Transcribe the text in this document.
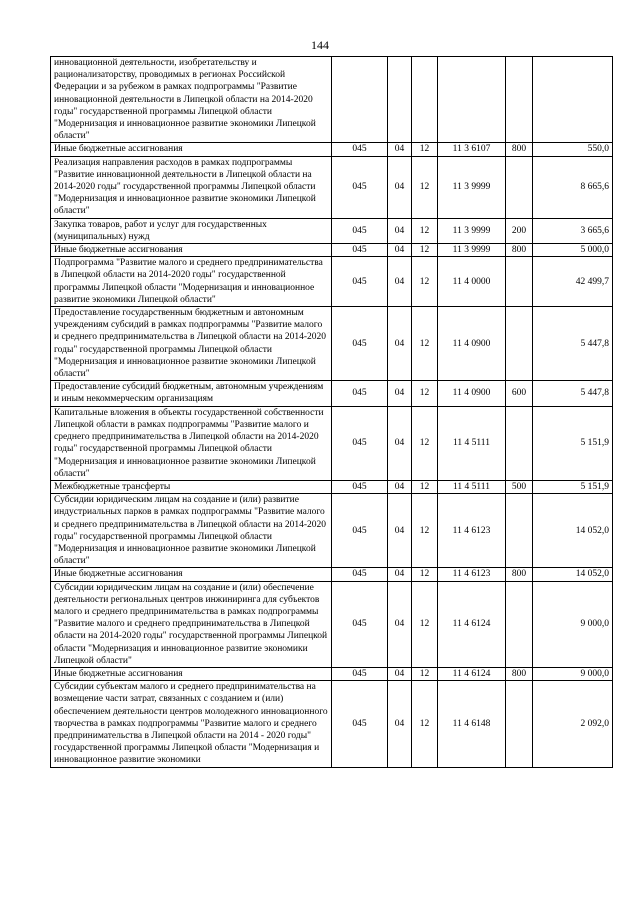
144
инновационной деятельности, изобретательству и рационализаторству, проводимых в регионах Российской Федерации и за рубежом в рамках подпрограммы "Развитие инновационной деятельности в Липецкой области на 2014-2020 годы" государственной программы Липецкой области "Модернизация и инновационное развитие экономики Липецкой области"						
Иные бюджетные ассигнования	045	04	12	11 3 6107	800	550,0
Реализация направления расходов в рамках подпрограммы "Развитие инновационной деятельности в Липецкой области на 2014-2020 годы" государственной программы Липецкой области "Модернизация и инновационное развитие экономики Липецкой области"	045	04	12	11 3 9999		8 665,6
Закупка товаров, работ и услуг для государственных (муниципальных) нужд	045	04	12	11 3 9999	200	3 665,6
Иные бюджетные ассигнования	045	04	12	11 3 9999	800	5 000,0
Подпрограмма "Развитие малого и среднего предпринимательства в Липецкой области на 2014-2020 годы" государственной программы Липецкой области "Модернизация и инновационное развитие экономики Липецкой области"	045	04	12	11 4 0000		42 499,7
Предоставление государственным бюджетным и автономным учреждениям субсидий в рамках подпрограммы "Развитие малого и среднего предпринимательства в Липецкой области на 2014-2020 годы" государственной программы Липецкой области "Модернизация и инновационное развитие экономики Липецкой области"	045	04	12	11 4 0900		5 447,8
Предоставление субсидий бюджетным, автономным учреждениям и иным некоммерческим организациям	045	04	12	11 4 0900	600	5 447,8
Капитальные вложения в объекты государственной собственности Липецкой области в рамках подпрограммы "Развитие малого и среднего предпринимательства в Липецкой области на 2014-2020 годы" государственной программы Липецкой области "Модернизация и инновационное развитие экономики Липецкой области"	045	04	12	11 4 5111		5 151,9
Межбюджетные трансферты	045	04	12	11 4 5111	500	5 151,9
Субсидии юридическим лицам на создание и (или) развитие индустриальных парков в рамках подпрограммы "Развитие малого и среднего предпринимательства в Липецкой области на 2014-2020 годы" государственной программы Липецкой области "Модернизация и инновационное развитие экономики Липецкой области"	045	04	12	11 4 6123		14 052,0
Иные бюджетные ассигнования	045	04	12	11 4 6123	800	14 052,0
Субсидии юридическим лицам на создание и (или) обеспечение деятельности региональных центров инжиниринга для субъектов малого и среднего предпринимательства в рамках подпрограммы "Развитие малого и среднего предпринимательства в Липецкой области на 2014-2020 годы" государственной программы Липецкой области "Модернизация и инновационное развитие экономики Липецкой области"	045	04	12	11 4 6124		9 000,0
Иные бюджетные ассигнования	045	04	12	11 4 6124	800	9 000,0
Субсидии субъектам малого и среднего предпринимательства на возмещение части затрат, связанных с созданием и (или) обеспечением деятельности центров молодежного инновационного творчества в рамках подпрограммы "Развитие малого и среднего предпринимательства в Липецкой области на 2014 - 2020 годы" государственной программы Липецкой области "Модернизация и инновационное развитие экономики	045	04	12	11 4 6148		2 092,0
